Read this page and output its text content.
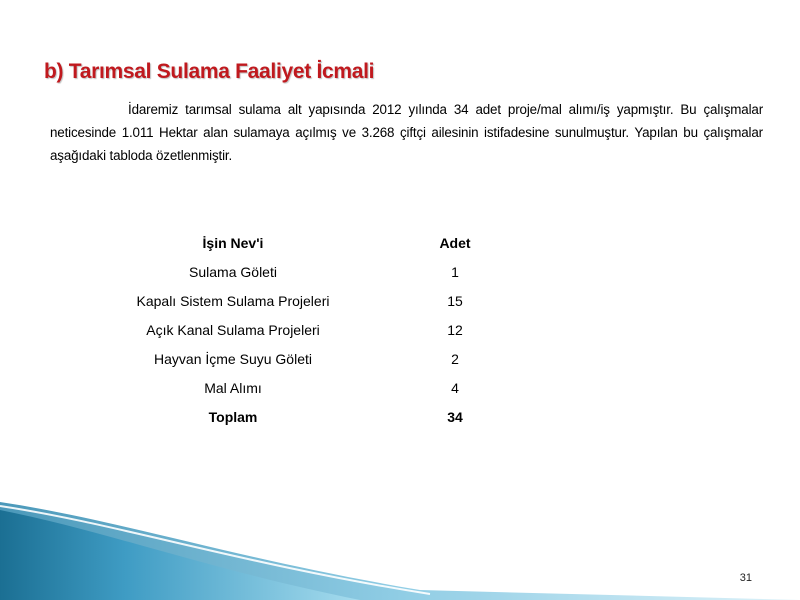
b) Tarımsal Sulama Faaliyet İcmali
İdaremiz tarımsal sulama alt yapısında 2012 yılında 34 adet proje/mal alımı/iş yapmıştır. Bu çalışmalar neticesinde 1.011 Hektar alan sulamaya açılmış ve 3.268 çiftçi ailesinin istifadesine sunulmuştur. Yapılan bu çalışmalar aşağıdaki tabloda özetlenmiştir.
İşin Nev'i	Adet
Sulama Göleti	1
Kapalı Sistem Sulama Projeleri	15
Açık Kanal Sulama Projeleri	12
Hayvan İçme Suyu Göleti	2
Mal Alımı	4
Toplam	34
31
